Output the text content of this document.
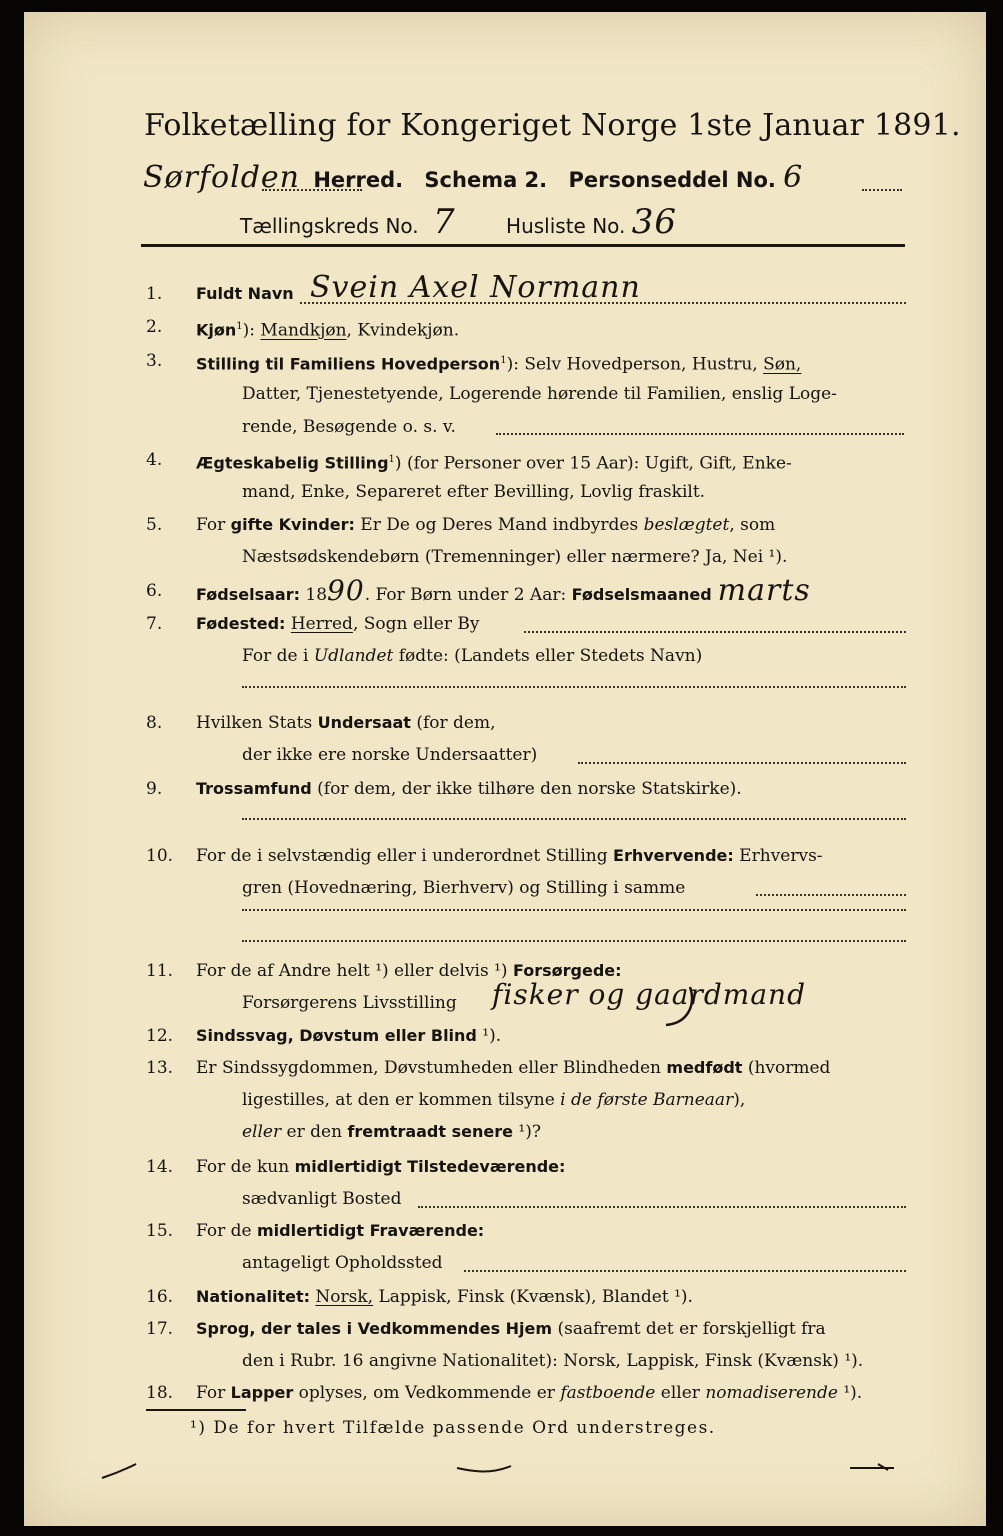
Folketælling for Kongeriget Norge 1ste Januar 1891.
Sørfolden Herred. Schema 2. Personseddel No. 6
Tællingskreds No. 7	Husliste No. 36
1.	Fuldt Navn Svein Axel Normann
2.	Kjøn$^1$): Mandkjøn, Kvindekjøn.
3.	Stilling til Familiens Hovedperson$^1$): Selv Hovedperson, Hustru, Søn,
Datter, Tjenestetyende, Logerende hørende til Familien, enslig Loge-
rende, Besøgende o. s. v.
4.	Ægteskabelig Stilling$^1$) (for Personer over 15 Aar): Ugift, Gift, Enke-
mand, Enke, Separeret efter Bevilling, Lovlig fraskilt.
5.	For gifte Kvinder: Er De og Deres Mand indbyrdes beslægtet, som
Næstsødskendebørn (Tremenninger) eller nærmere? Ja, Nei ¹).
6.	Fødselsaar: 1890. For Børn under 2 Aar: Fødselsmaaned marts
7.	Fødested: Herred, Sogn eller By
For de i Udlandet fødte: (Landets eller Stedets Navn)
8.	Hvilken Stats Undersaat (for dem,
der ikke ere norske Undersaatter)
9.	Trossamfund (for dem, der ikke tilhøre den norske Statskirke).
10.	For de i selvstændig eller i underordnet Stilling Erhvervende: Erhvervs-
gren (Hovednæring, Bierhverv) og Stilling i samme
11.	For de af Andre helt ¹) eller delvis ¹) Forsørgede:
Forsørgerens Livsstilling fisker og gaardmand
12.	Sindssvag, Døvstum eller Blind ¹).
13.	Er Sindssygdommen, Døvstumheden eller Blindheden medfødt (hvormed
ligestilles, at den er kommen tilsyne i de første Barneaar),
eller er den fremtraadt senere ¹)?
14.	For de kun midlertidigt Tilstedeværende:
sædvanligt Bosted
15.	For de midlertidigt Fraværende:
antageligt Opholdssted
16.	Nationalitet: Norsk, Lappisk, Finsk (Kvænsk), Blandet ¹).
17.	Sprog, der tales i Vedkommendes Hjem (saafremt det er forskjelligt fra
den i Rubr. 16 angivne Nationalitet): Norsk, Lappisk, Finsk (Kvænsk) ¹).
18.	For Lapper oplyses, om Vedkommende er fastboende eller nomadiserende ¹).
¹) De for hvert Tilfælde passende Ord understreges.
